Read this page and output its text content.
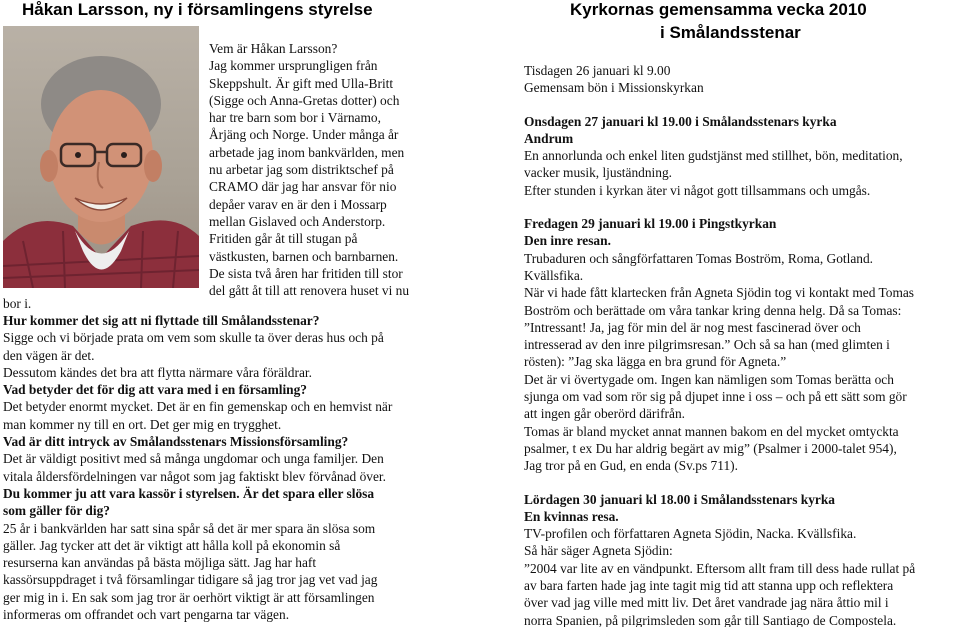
Håkan Larsson, ny i församlingens styrelse
Vem är Håkan Larsson?
Jag kommer ursprungligen från
Skeppshult. Är gift med Ulla-Britt
(Sigge och Anna-Gretas dotter) och
har tre barn som bor i Värnamo,
Årjäng och Norge. Under många år
arbetade jag inom bankvärlden, men
nu arbetar jag som distriktschef på
CRAMO där jag har ansvar för nio
depåer varav en är den i Mossarp
mellan Gislaved och Anderstorp.
Fritiden går åt till stugan på
västkusten, barnen och barnbarnen.
De sista två åren har fritiden till stor
del gått åt till att renovera huset vi nu
bor i.
Hur kommer det sig att ni flyttade till Smålandsstenar?
Sigge och vi började prata om vem som skulle ta över deras hus och på
den vägen är det.
Dessutom kändes det bra att flytta närmare våra föräldrar.
Vad betyder det för dig att vara med i en församling?
Det betyder enormt mycket. Det är en fin gemenskap och en hemvist när
man kommer ny till en ort. Det ger mig en trygghet.
Vad är ditt intryck av Smålandsstenars Missionsförsamling?
Det är väldigt positivt med så många ungdomar och unga familjer. Den
vitala åldersfördelningen var något som jag faktiskt blev förvånad över.
Du kommer ju att vara kassör i styrelsen. Är det spara eller slösa
som gäller för dig?
25 år i bankvärlden har satt sina spår så det är mer spara än slösa som
gäller. Jag tycker att det är viktigt att hålla koll på ekonomin så
resurserna kan användas på bästa möjliga sätt. Jag har haft
kassörsuppdraget i två församlingar tidigare så jag tror jag vet vad jag
ger mig in i. En sak som jag tror är oerhört viktigt är att församlingen
informeras om offrandet och vart pengarna tar vägen.
Kyrkornas gemensamma vecka 2010
i Smålandsstenar
Tisdagen 26 januari kl 9.00
Gemensam bön i Missionskyrkan
Onsdagen 27 januari kl 19.00 i Smålandsstenars kyrka
Andrum
En annorlunda och enkel liten gudstjänst med stillhet, bön, meditation,
vacker musik, ljuständning.
Efter stunden i kyrkan äter vi något gott tillsammans och umgås.
Fredagen 29 januari kl 19.00 i Pingstkyrkan
Den inre resan.
Trubaduren och sångförfattaren Tomas Boström, Roma, Gotland.
Kvällsfika.
När vi hade fått klartecken från Agneta Sjödin tog vi kontakt med Tomas
Boström och berättade om våra tankar kring denna helg. Då sa Tomas:
”Intressant! Ja, jag för min del är nog mest fascinerad över och
intresserad av den inre pilgrimsresan.” Och så sa han (med glimten i
rösten): ”Jag ska lägga en bra grund för Agneta.”
Det är vi övertygade om. Ingen kan nämligen som Tomas berätta och
sjunga om vad som rör sig på djupet inne i oss – och på ett sätt som gör
att ingen går oberörd därifrån.
Tomas är bland mycket annat mannen bakom en del mycket omtyckta
psalmer, t ex Du har aldrig begärt av mig” (Psalmer i 2000-talet 954),
Jag tror på en Gud, en enda (Sv.ps 711).
Lördagen 30 januari kl 18.00 i Smålandsstenars kyrka
En kvinnas resa.
TV-profilen och författaren Agneta Sjödin, Nacka. Kvällsfika.
Så här säger Agneta Sjödin:
”2004 var lite av en vändpunkt. Eftersom allt fram till dess hade rullat på
av bara farten hade jag inte tagit mig tid att stanna upp och reflektera
över vad jag ville med mitt liv. Det året vandrade jag nära åttio mil i
norra Spanien, på pilgrimsleden som går till Santiago de Compostela.
